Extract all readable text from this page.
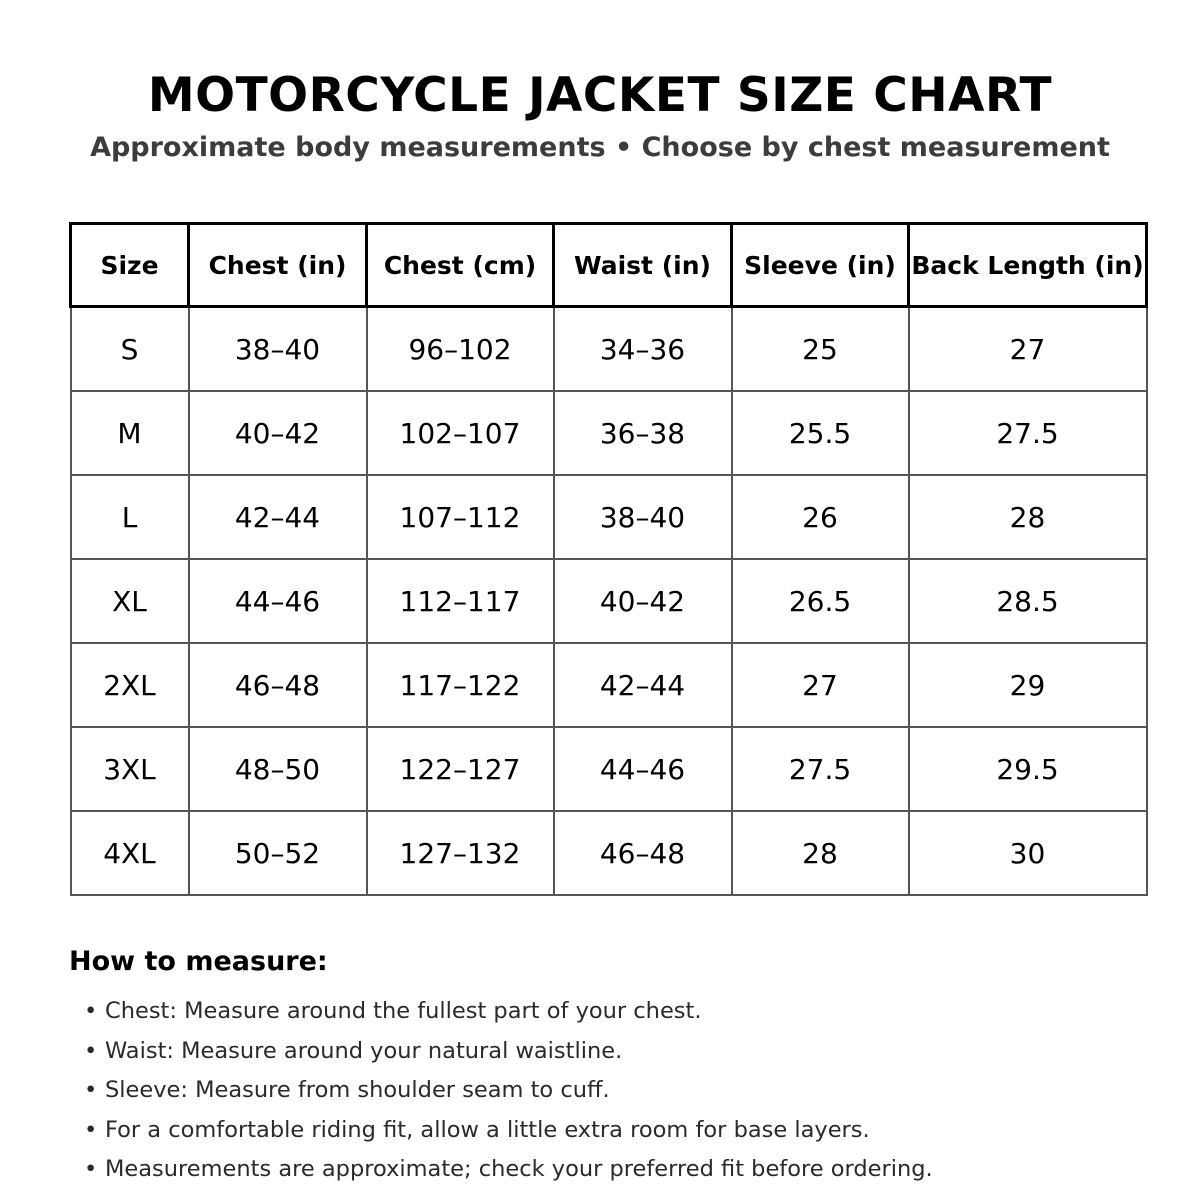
MOTORCYCLE JACKET SIZE CHART
Approximate body measurements • Choose by chest measurement
Size	Chest (in)	Chest (cm)	Waist (in)	Sleeve (in)	Back Length (in)
S	38–40	96–102	34–36	25	27
M	40–42	102–107	36–38	25.5	27.5
L	42–44	107–112	38–40	26	28
XL	44–46	112–117	40–42	26.5	28.5
2XL	46–48	117–122	42–44	27	29
3XL	48–50	122–127	44–46	27.5	29.5
4XL	50–52	127–132	46–48	28	30
How to measure:
• Chest: Measure around the fullest part of your chest.
• Waist: Measure around your natural waistline.
• Sleeve: Measure from shoulder seam to cuff.
• For a comfortable riding fit, allow a little extra room for base layers.
• Measurements are approximate; check your preferred fit before ordering.
